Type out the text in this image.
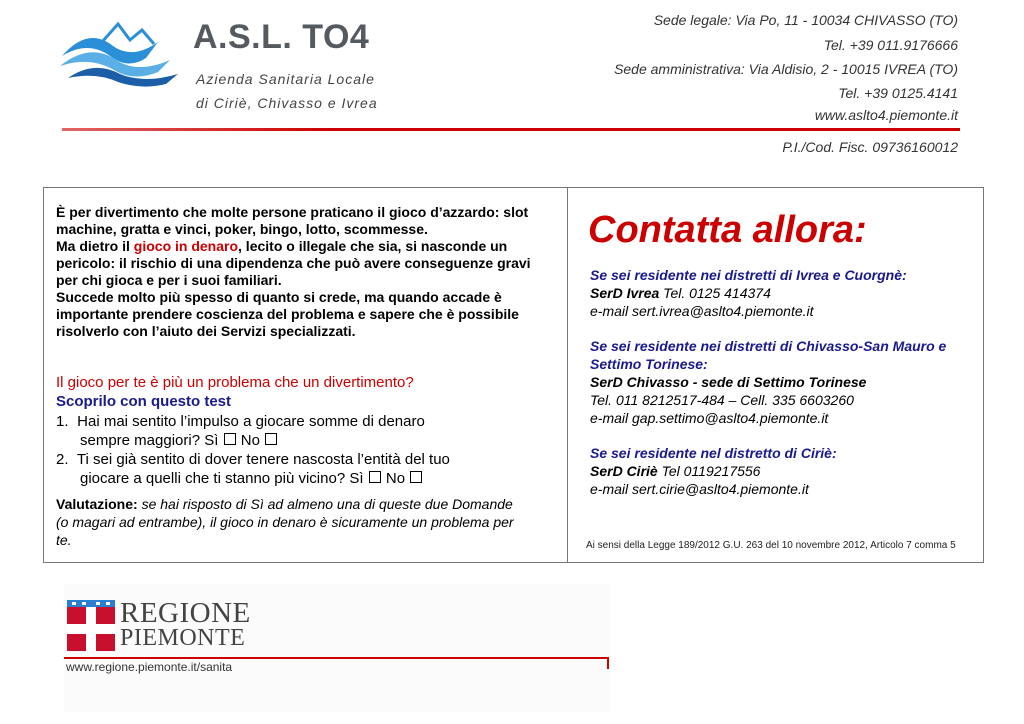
A.S.L. TO4
Azienda Sanitaria Locale
di Ciriè, Chivasso e Ivrea
Sede legale: Via Po, 11 - 10034 CHIVASSO (TO)
Tel. +39 011.9176666
Sede amministrativa: Via Aldisio, 2 - 10015 IVREA (TO)
Tel. +39 0125.4141
www.aslto4.piemonte.it
P.I./Cod. Fisc. 09736160012

È per divertimento che molte persone praticano il gioco d’azzardo: slot machine, gratta e vinci, poker, bingo, lotto, scommesse.

Ma dietro il gioco in denaro, lecito o illegale che sia, si nasconde un pericolo: il rischio di una dipendenza che può avere conseguenze gravi per chi gioca e per i suoi familiari.

Succede molto più spesso di quanto si crede, ma quando accade è importante prendere coscienza del problema e sapere che è possibile risolverlo con l’aiuto dei Servizi specializzati.

Il gioco per te è più un problema che un divertimento?
Scoprilo con questo test
1. Hai mai sentito l’impulso a giocare somme di denaro
sempre maggiori? Sì No
2. Ti sei già sentito di dover tenere nascosta l’entità del tuo
giocare a quelli che ti stanno più vicino? Sì No
Valutazione: se hai risposto di Sì ad almeno una di queste due Domande (o magari ad entrambe), il gioco in denaro è sicuramente un problema per te.
Contatta allora:
Se sei residente nei distretti di Ivrea e Cuorgnè:
SerD Ivrea Tel. 0125 414374
e-mail sert.ivrea@aslto4.piemonte.it
Se sei residente nei distretti di Chivasso-San Mauro e Settimo Torinese:
SerD Chivasso - sede di Settimo Torinese
Tel. 011 8212517-484 – Cell. 335 6603260
e-mail gap.settimo@aslto4.piemonte.it
Se sei residente nel distretto di Ciriè:
SerD Ciriè Tel 0119217556
e-mail sert.cirie@aslto4.piemonte.it
Ai sensi della Legge 189/2012 G.U. 263 del 10 novembre 2012, Articolo 7 comma 5
REGIONE
PIEMONTE
www.regione.piemonte.it/sanita
